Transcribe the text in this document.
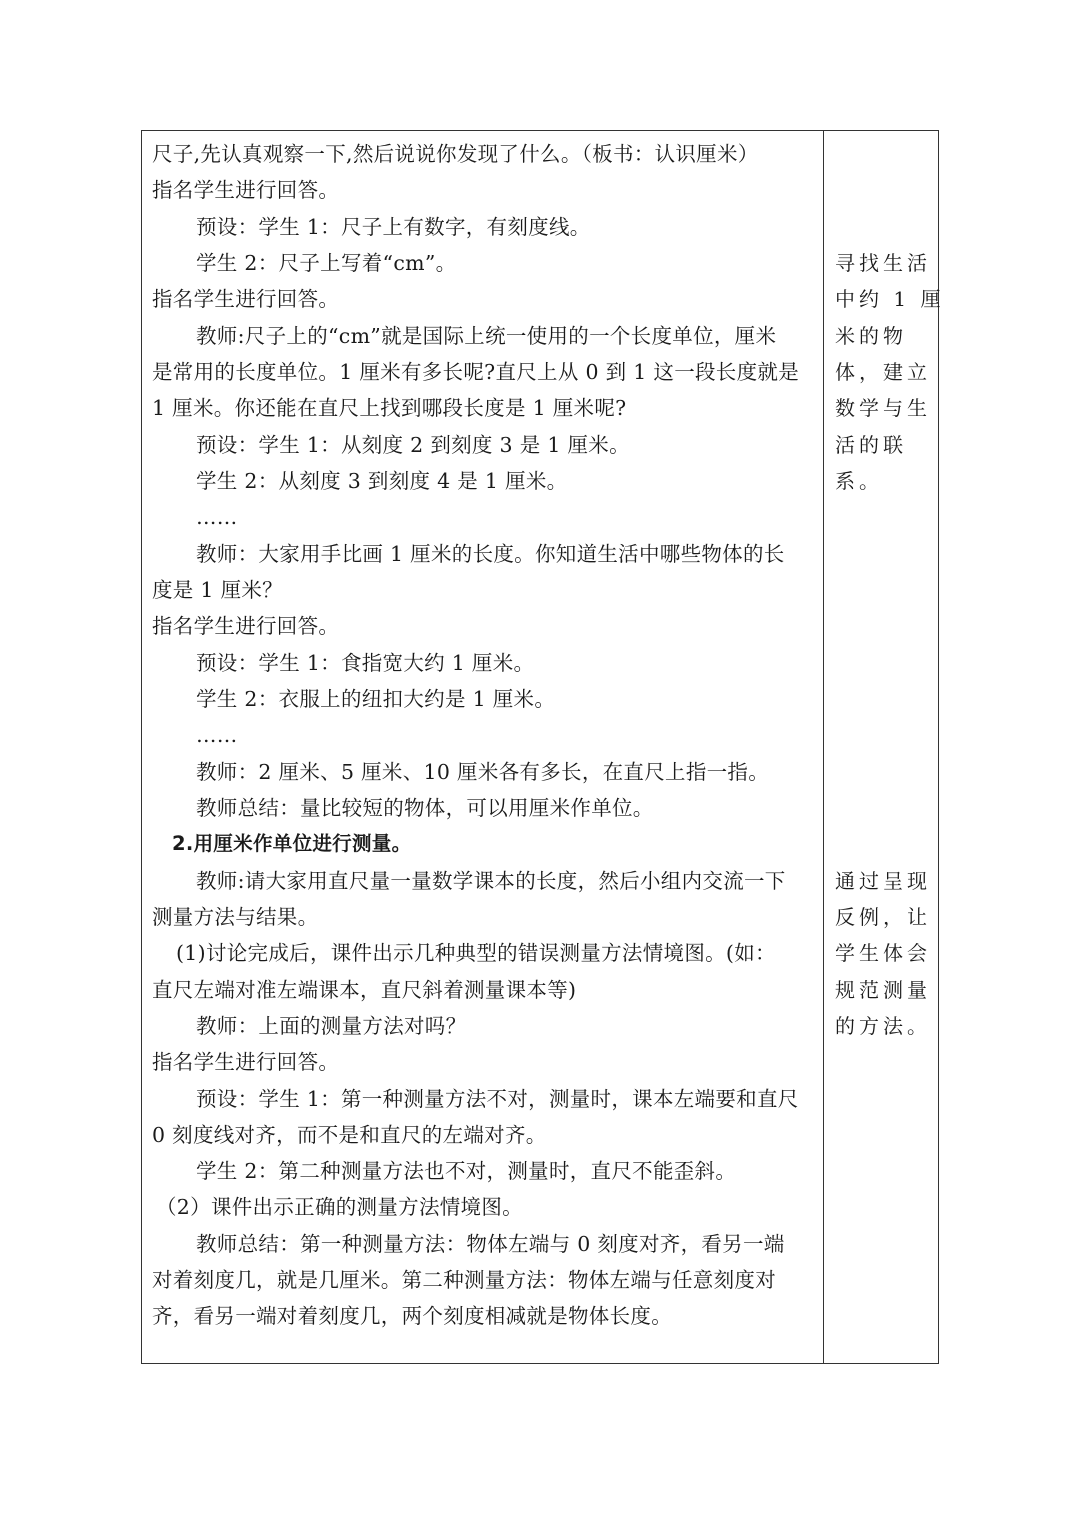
尺子,先认真观察一下,然后说说你发现了什么。（板书：认识厘米）
指名学生进行回答。
预设：学生 1：尺子上有数字，有刻度线。
学生 2：尺子上写着“cm”。
指名学生进行回答。
教师:尺子上的“cm”就是国际上统一使用的一个长度单位，厘米
是常用的长度单位。1 厘米有多长呢?直尺上从 0 到 1 这一段长度就是
1 厘米。你还能在直尺上找到哪段长度是 1 厘米呢?
预设：学生 1：从刻度 2 到刻度 3 是 1 厘米。
学生 2：从刻度 3 到刻度 4 是 1 厘米。
……
教师：大家用手比画 1 厘米的长度。你知道生活中哪些物体的长
度是 1 厘米？
指名学生进行回答。
预设：学生 1：食指宽大约 1 厘米。
学生 2：衣服上的纽扣大约是 1 厘米。
……
教师：2 厘米、5 厘米、10 厘米各有多长，在直尺上指一指。
教师总结：量比较短的物体，可以用厘米作单位。
2.用厘米作单位进行测量。
教师:请大家用直尺量一量数学课本的长度，然后小组内交流一下
测量方法与结果。
(1)讨论完成后，课件出示几种典型的错误测量方法情境图。(如：
直尺左端对准左端课本，直尺斜着测量课本等)
教师：上面的测量方法对吗？
指名学生进行回答。
预设：学生 1：第一种测量方法不对，测量时，课本左端要和直尺
0 刻度线对齐，而不是和直尺的左端对齐。
学生 2：第二种测量方法也不对，测量时，直尺不能歪斜。
（2）课件出示正确的测量方法情境图。
教师总结：第一种测量方法：物体左端与 0 刻度对齐，看另一端
对着刻度几，就是几厘米。第二种测量方法：物体左端与任意刻度对
齐，看另一端对着刻度几，两个刻度相减就是物体长度。
寻找生活
中约 1 厘
米的物
体，建立
数学与生
活的联
系。
通过呈现
反例，让
学生体会
规范测量
的方法。
